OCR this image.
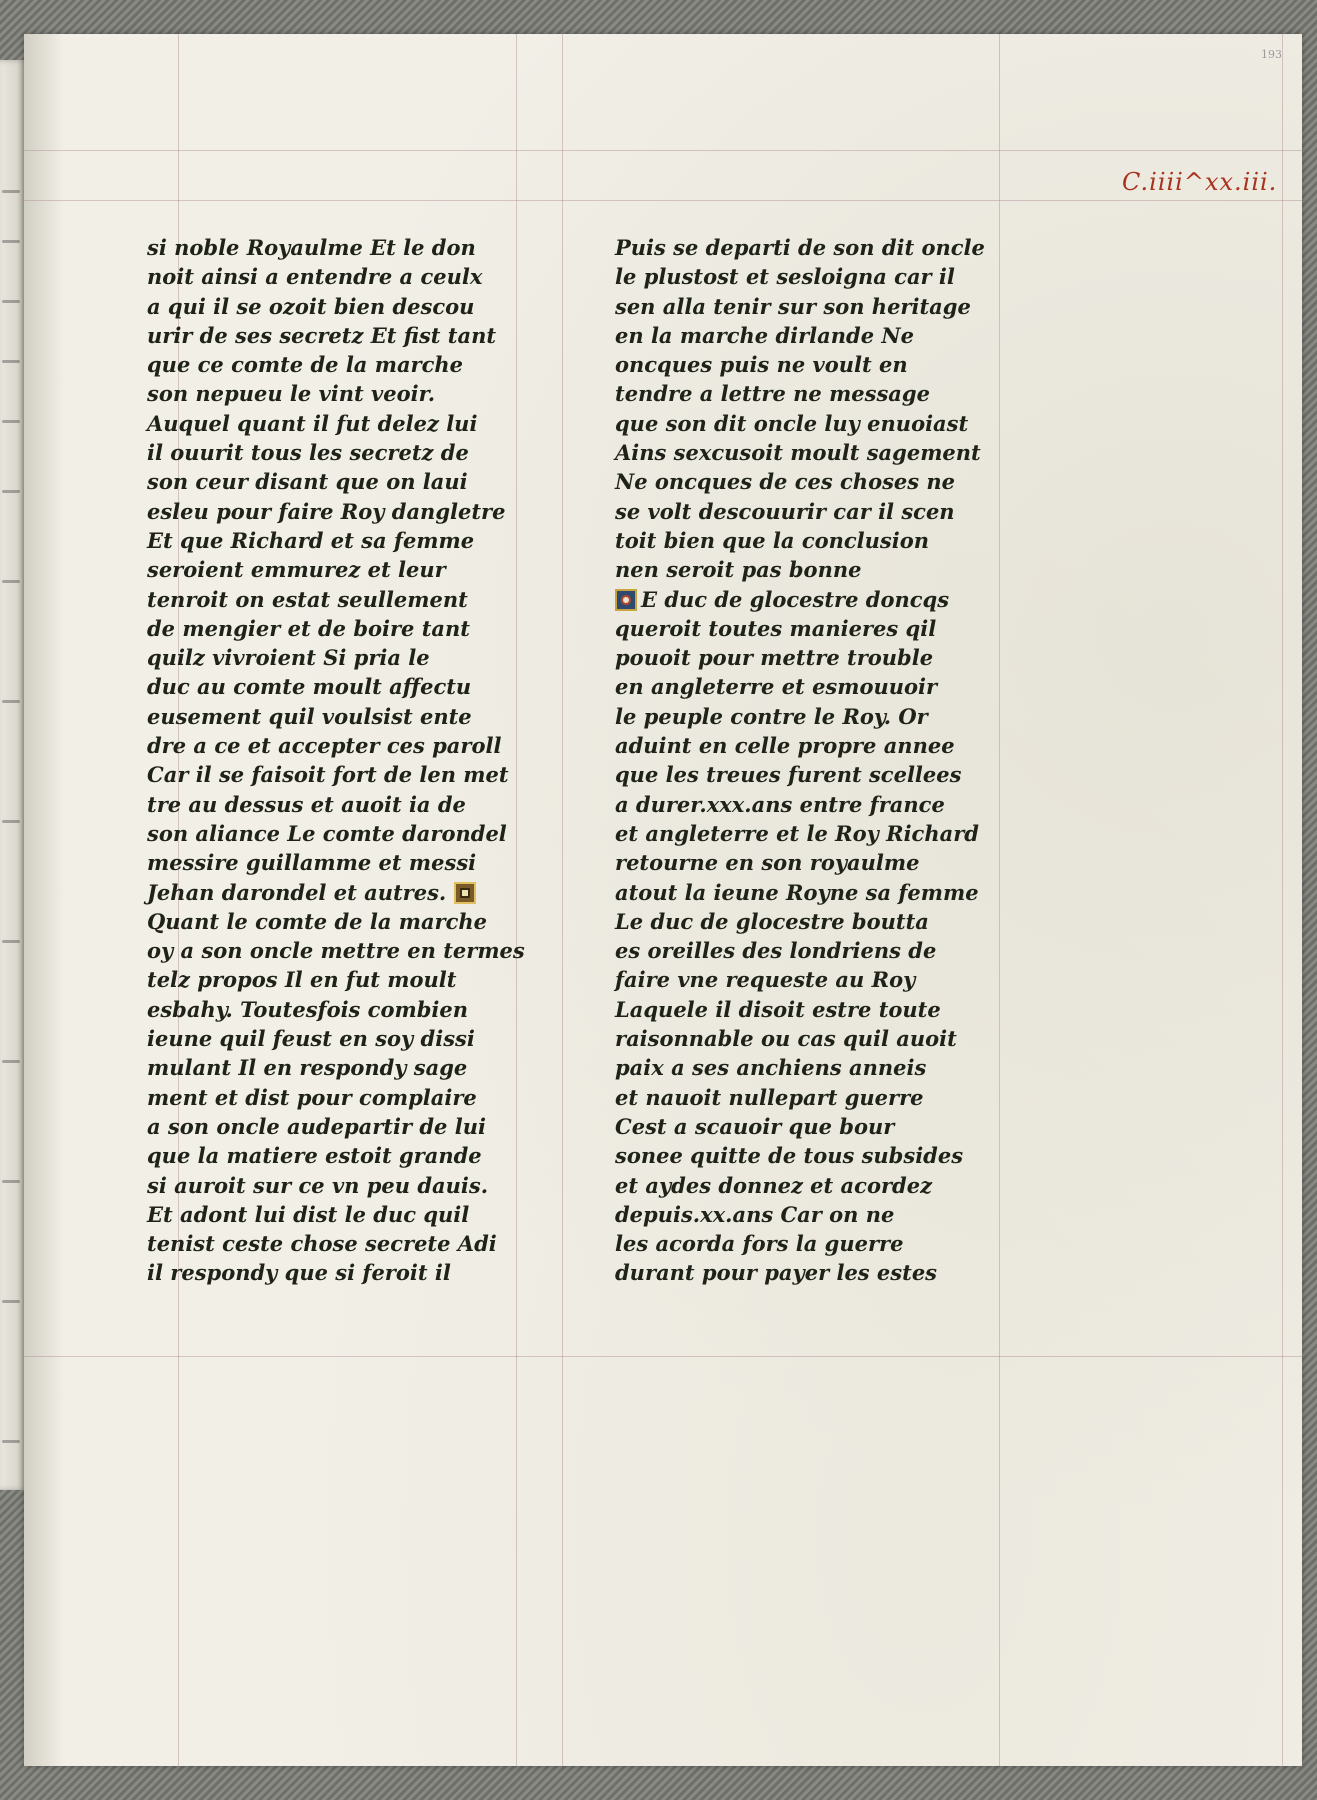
193
C.iiii^xx.iii.
si noble Royaulme Et le don
noit ainsi a entendre a ceulx
a qui il se ozoit bien descou
urir de ses secretz Et fist tant
que ce comte de la marche
son nepueu le vint veoir.
Auquel quant il fut delez lui
il ouurit tous les secretz de
son ceur disant que on laui
esleu pour faire Roy dangletre
Et que Richard et sa femme
seroient emmurez et leur
tenroit on estat seullement
de mengier et de boire tant
quilz vivroient Si pria le
duc au comte moult affectu
eusement quil voulsist ente
dre a ce et accepter ces paroll
Car il se faisoit fort de len met
tre au dessus et auoit ia de
son aliance Le comte darondel
messire guillamme et messi
Jehan darondel et autres.
Quant le comte de la marche
oy a son oncle mettre en termes
telz propos Il en fut moult
esbahy. Toutesfois combien
ieune quil feust en soy dissi
mulant Il en respondy sage
ment et dist pour complaire
a son oncle audepartir de lui
que la matiere estoit grande
si auroit sur ce vn peu dauis.
Et adont lui dist le duc quil
tenist ceste chose secrete Adi
il respondy que si feroit il
Puis se departi de son dit oncle
le plustost et sesloigna car il
sen alla tenir sur son heritage
en la marche dirlande Ne
oncques puis ne voult en
tendre a lettre ne message
que son dit oncle luy enuoiast
Ains sexcusoit moult sagement
Ne oncques de ces choses ne
se volt descouurir car il scen
toit bien que la conclusion
nen seroit pas bonne
E duc de glocestre doncqs
queroit toutes manieres qil
pouoit pour mettre trouble
en angleterre et esmouuoir
le peuple contre le Roy. Or
aduint en celle propre annee
que les treues furent scellees
a durer.xxx.ans entre france
et angleterre et le Roy Richard
retourne en son royaulme
atout la ieune Royne sa femme
Le duc de glocestre boutta
es oreilles des londriens de
faire vne requeste au Roy
Laquele il disoit estre toute
raisonnable ou cas quil auoit
paix a ses anchiens anneis
et nauoit nullepart guerre
Cest a scauoir que bour
sonee quitte de tous subsides
et aydes donnez et acordez
depuis.xx.ans Car on ne
les acorda fors la guerre
durant pour payer les estes
